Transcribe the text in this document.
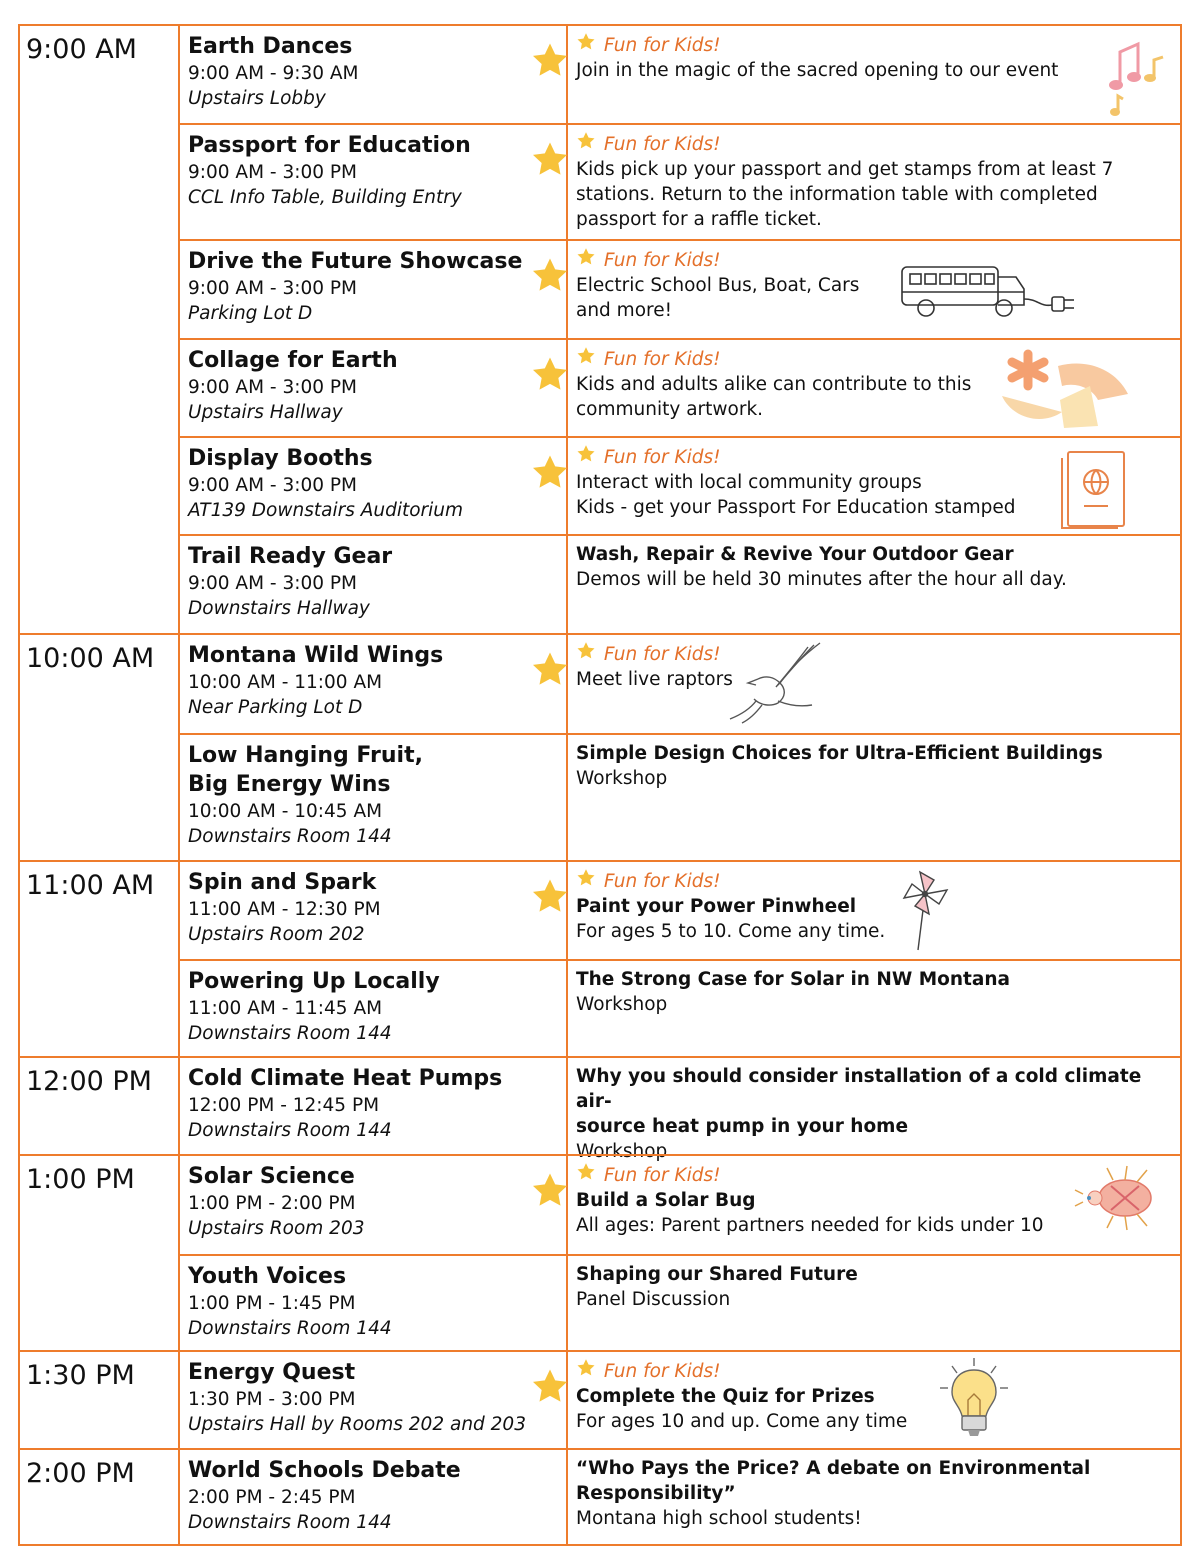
9:00 AM Earth Dances
9:00 AM - 9:30 AM
Upstairs Lobby
Fun for Kids!
Join in the magic of the sacred opening to our event
Passport for Education
9:00 AM - 3:00 PM
CCL Info Table, Building Entry
Fun for Kids!
Kids pick up your passport and get stamps from at least 7
stations. Return to the information table with completed
passport for a raffle ticket.
Drive the Future Showcase
9:00 AM - 3:00 PM
Parking Lot D
Fun for Kids!
Electric School Bus, Boat, Cars
and more!
Collage for Earth
9:00 AM - 3:00 PM
Upstairs Hallway
Fun for Kids!
Kids and adults alike can contribute to this
community artwork.
Display Booths
9:00 AM - 3:00 PM
AT139 Downstairs Auditorium
Fun for Kids!
Interact with local community groups
Kids - get your Passport For Education stamped
Trail Ready Gear
9:00 AM - 3:00 PM
Downstairs Hallway
Wash, Repair & Revive Your Outdoor Gear
Demos will be held 30 minutes after the hour all day.
10:00 AM Montana Wild Wings
10:00 AM - 11:00 AM
Near Parking Lot D
Fun for Kids!
Meet live raptors
Low Hanging Fruit,
Big Energy Wins
10:00 AM - 10:45 AM
Downstairs Room 144
Simple Design Choices for Ultra-Efficient Buildings
Workshop
11:00 AM Spin and Spark
11:00 AM - 12:30 PM
Upstairs Room 202
Fun for Kids!
Paint your Power Pinwheel
For ages 5 to 10. Come any time.
Powering Up Locally
11:00 AM - 11:45 AM
Downstairs Room 144
The Strong Case for Solar in NW Montana
Workshop
12:00 PM Cold Climate Heat Pumps
12:00 PM - 12:45 PM
Downstairs Room 144
Why you should consider installation of a cold climate air-
source heat pump in your home
Workshop
1:00 PM Solar Science
1:00 PM - 2:00 PM
Upstairs Room 203
Fun for Kids!
Build a Solar Bug
All ages: Parent partners needed for kids under 10
Youth Voices
1:00 PM - 1:45 PM
Downstairs Room 144
Shaping our Shared Future
Panel Discussion
1:30 PM Energy Quest
1:30 PM - 3:00 PM
Upstairs Hall by Rooms 202 and 203
Fun for Kids!
Complete the Quiz for Prizes
For ages 10 and up. Come any time
2:00 PM World Schools Debate
2:00 PM - 2:45 PM
Downstairs Room 144
“Who Pays the Price? A debate on Environmental
Responsibility”
Montana high school students!
